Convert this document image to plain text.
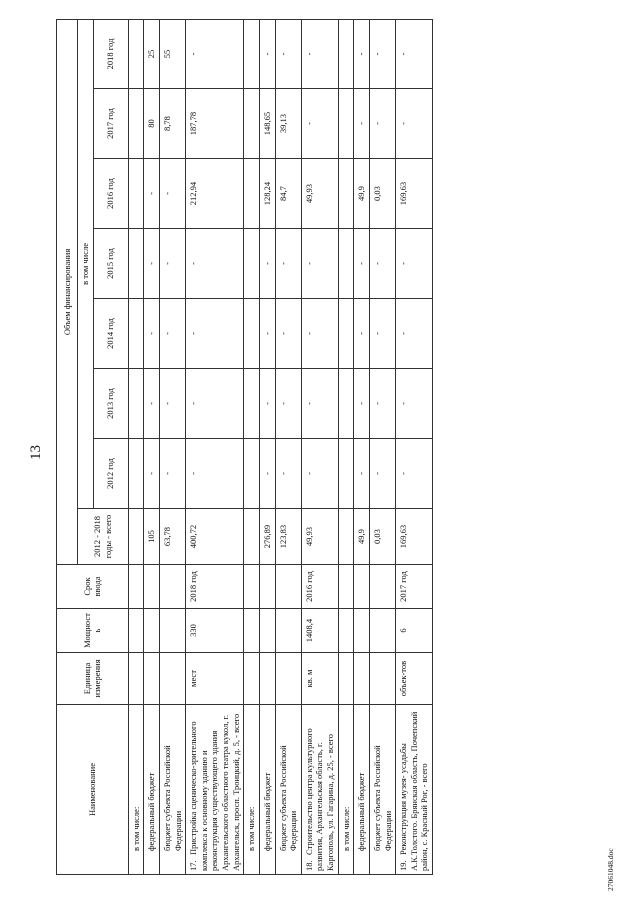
13
Наименование	Единица измерения	Мощность	Срок ввода	Объем финансирования							
				2012 - 2018 годы - всего	в том числе						
					2012 год	2013 год	2014 год	2015 год	2016 год	2017 год	2018 год

в том числе:											

федеральный бюджет				105	-	-	-	-	-	80	25

бюджет субъекта Российской Федерации				63,78	-	-	-	-	-	8,78	55
17.Пристройка сценическо-зрительного комплекса к основному зданию и реконструкция существующего здания Архангельского областного театра кукол, г. Архангельск, просп. Троицкий, д. 5, - всего	мест	330	2018 год	400,72	-	-	-	-	212,94	187,78	-

в том числе:											

федеральный бюджет				276,89	-	-	-	-	128,24	148,65	-

бюджет субъекта Российской Федерации				123,83	-	-	-	-	84,7	39,13	-
18.Строительство центра культурного развития, Архангельская область, г. Каргополь, ул. Гагарина, д. 25, - всего	кв. м	1408,4	2016 год	49,93	-	-	-	-	49,93	-	-

в том числе:											

федеральный бюджет				49,9	-	-	-	-	49,9	-	-

бюджет субъекта Российской Федерации				0,03	-	-	-	-	0,03	-	-
19.Реконструкция музея- усадьбы А.К.Толстого. Брянская область, Почепский район, с. Красный Рог, - всего	объек-тов	6	2017 год	169,63	-	-	-	-	169,63	-	-
27061048.doc
